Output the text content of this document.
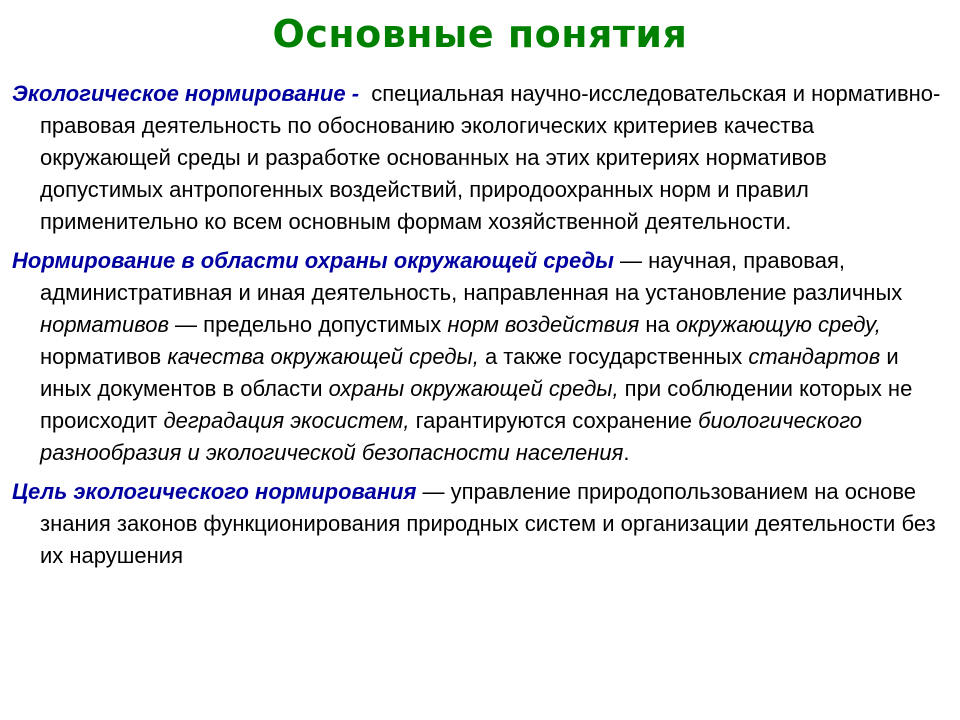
Основные понятия

Экологическое нормирование - специальная научно-исследовательская и нормативно-правовая деятельность по обоснованию экологических критериев качества окружающей среды и разработке основанных на этих критериях нормативов допустимых антропогенных воздействий, природоохранных норм и правил применительно ко всем основным формам хозяйственной деятельности.

Нормирование в области охраны окружающей среды — научная, правовая, административная и иная деятельность, направленная на установление различных нормативов — предельно допустимых норм воздействия на окружающую среду, нормативов качества окружающей среды, а также государственных стандартов и иных документов в области охраны окружающей среды, при соблюдении которых не происходит деградация экосистем, гарантируются сохранение биологического разнообразия и экологической безопасности населения.

Цель экологического нормирования — управление природопользованием на основе знания законов функционирования природных систем и организации деятельности без их нарушения
